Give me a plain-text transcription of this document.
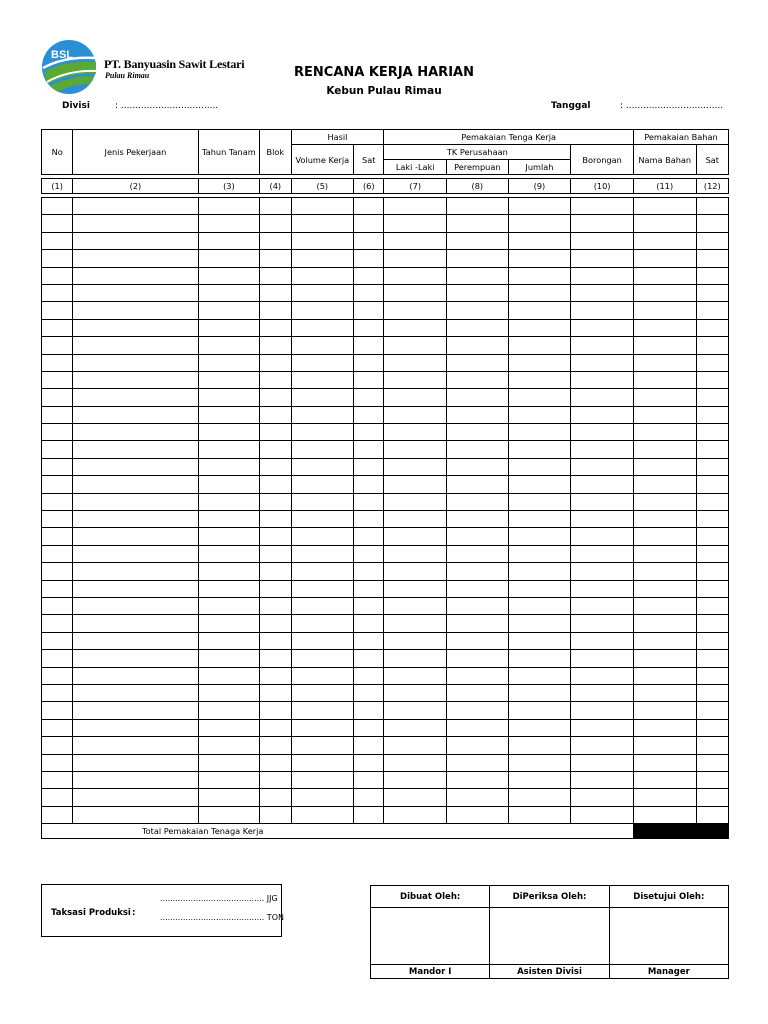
BSL
PT. Banyuasin Sawit Lestari
Pulau Rimau	RENCANA KERJA HARIAN
Kebun Pulau Rimau
Divisi	: ..................................	Tanggal	: ..................................
No	Jenis Pekerjaan	Tahun Tanam	Blok	Hasil		Pemakaian Tenga Kerja				Pemakaian Bahan	
				Volume Kerja	Sat	TK Perusahaan			Borongan	Nama Bahan	Sat
						Laki -Laki	Perempuan	Jumlah			

(1)	(2)	(3)	(4)	(5)	(6)	(7)	(8)	(9)	(10)	(11)	(12)

Total Pemakaian Tenaga Kerja											
Taksasi Produksi :
......................................... JJG
......................................... TON
Dibuat Oleh:	DiPeriksa Oleh:	Disetujui Oleh:

Mandor I	Asisten Divisi	Manager
